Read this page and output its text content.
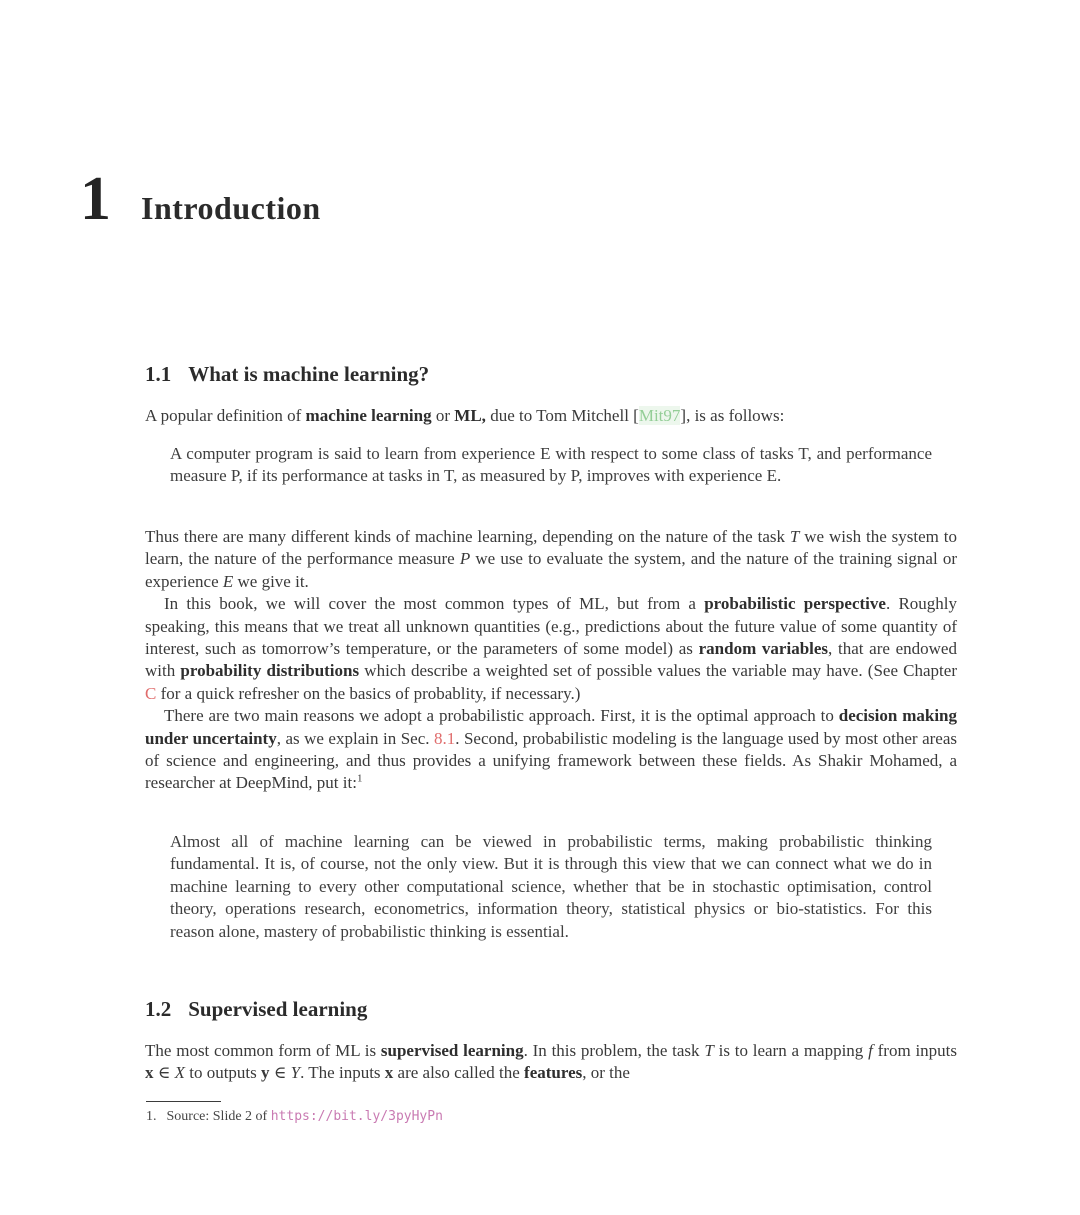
1 Introduction
1.1 What is machine learning?

A popular definition of machine learning or ML, due to Tom Mitchell [Mit97], is as follows:

A computer program is said to learn from experience E with respect to some class of tasks T, and performance measure P, if its performance at tasks in T, as measured by P, improves with experience E.

Thus there are many different kinds of machine learning, depending on the nature of the task T we wish the system to learn, the nature of the performance measure P we use to evaluate the system, and the nature of the training signal or experience E we give it.

In this book, we will cover the most common types of ML, but from a probabilistic perspective. Roughly speaking, this means that we treat all unknown quantities (e.g., predictions about the future value of some quantity of interest, such as tomorrow’s temperature, or the parameters of some model) as random variables, that are endowed with probability distributions which describe a weighted set of possible values the variable may have. (See Chapter C for a quick refresher on the basics of probablity, if necessary.)

There are two main reasons we adopt a probabilistic approach. First, it is the optimal approach to decision making under uncertainty, as we explain in Sec. 8.1. Second, probabilistic modeling is the language used by most other areas of science and engineering, and thus provides a unifying framework between these fields. As Shakir Mohamed, a researcher at DeepMind, put it:$^1$

Almost all of machine learning can be viewed in probabilistic terms, making probabilistic thinking fundamental. It is, of course, not the only view. But it is through this view that we can connect what we do in machine learning to every other computational science, whether that be in stochastic optimisation, control theory, operations research, econometrics, information theory, statistical physics or bio-statistics. For this reason alone, mastery of probabilistic thinking is essential.

1.2 Supervised learning

The most common form of ML is supervised learning. In this problem, the task T is to learn a mapping f from inputs x ∈ X to outputs y ∈ Y. The inputs x are also called the features, or the

1. Source: Slide 2 of https://bit.ly/3pyHyPn
